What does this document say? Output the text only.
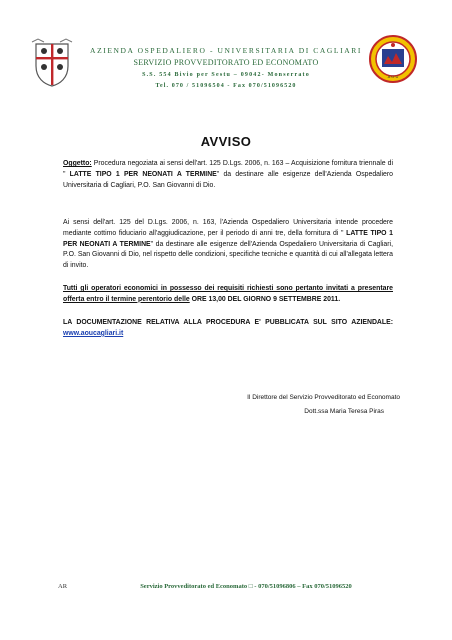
A O U
AZIENDA OSPEDALIERO - UNIVERSITARIA DI CAGLIARI
SERVIZIO PROVVEDITORATO ED ECONOMATO
S.S. 554 Bivio per Sestu – 09042- Monserrato
Tel. 070 / 51096504 - Fax 070/51096520
AVVISO
Oggetto: Procedura negoziata ai sensi dell'art. 125 D.Lgs. 2006, n. 163 – Acquisizione fornitura triennale di " LATTE TIPO 1 PER NEONATI A TERMINE" da destinare alle esigenze dell'Azienda Ospedaliero Universitaria di Cagliari, P.O. San Giovanni di Dio.
Ai sensi dell'art. 125 del D.Lgs. 2006, n. 163, l'Azienda Ospedaliero Universitaria intende procedere mediante cottimo fiduciario all'aggiudicazione, per il periodo di anni tre, della fornitura di " LATTE TIPO 1 PER NEONATI A TERMINE" da destinare alle esigenze dell'Azienda Ospedaliero Universitaria di Cagliari, P.O. San Giovanni di Dio, nel rispetto delle condizioni, specifiche tecniche e quantità di cui all'allegata lettera di invito.
Tutti gli operatori economici in possesso dei requisiti richiesti sono pertanto invitati a presentare offerta entro il termine perentorio delle ORE 13,00 DEL GIORNO 9 SETTEMBRE 2011.
LA DOCUMENTAZIONE RELATIVA ALLA PROCEDURA E' PUBBLICATA SUL SITO AZIENDALE: www.aoucagliari.it
Il Direttore del Servizio Provveditorato ed Economato
Dott.ssa Maria Teresa Piras
AR	Servizio Provveditorato ed Economato □ - 070/51096806 – Fax 070/51096520
